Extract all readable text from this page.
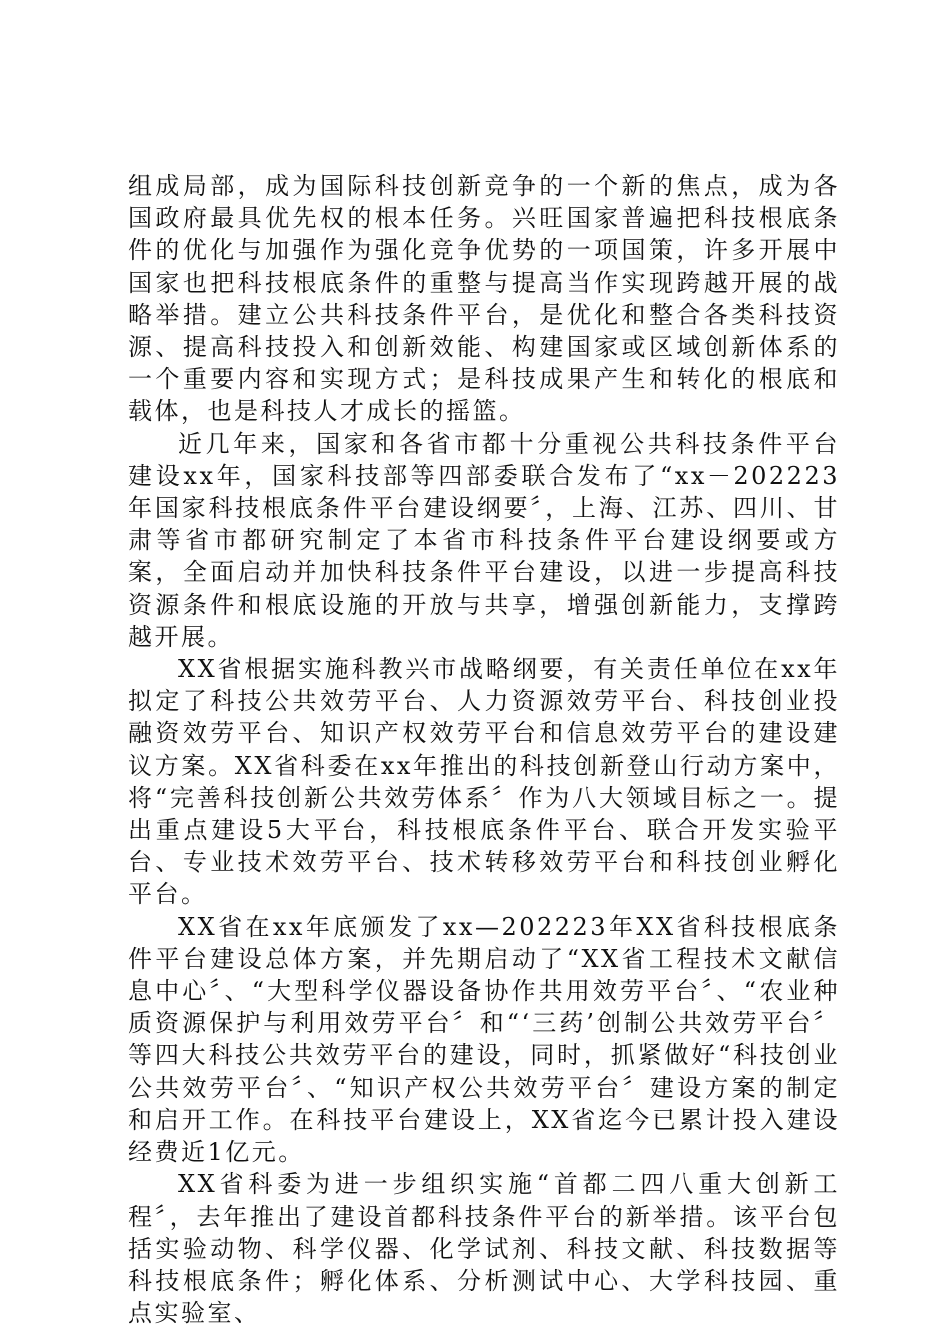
组成局部，成为国际科技创新竞争的一个新的焦点，成为各国政府最具优先权的根本任务。兴旺国家普遍把科技根底条件的优化与加强作为强化竞争优势的一项国策，许多开展中国家也把科技根底条件的重整与提高当作实现跨越开展的战略举措。建立公共科技条件平台，是优化和整合各类科技资源、提高科技投入和创新效能、构建国家或区域创新体系的一个重要内容和实现方式；是科技成果产生和转化的根底和载体，也是科技人才成长的摇篮。

近几年来，国家和各省市都十分重视公共科技条件平台建设xx年，国家科技部等四部委联合发布了“xx－202223年国家科技根底条件平台建设纲要〞，上海、江苏、四川、甘肃等省市都研究制定了本省市科技条件平台建设纲要或方案，全面启动并加快科技条件平台建设，以进一步提高科技资源条件和根底设施的开放与共享，增强创新能力，支撑跨越开展。

XX省根据实施科教兴市战略纲要，有关责任单位在xx年拟定了科技公共效劳平台、人力资源效劳平台、科技创业投融资效劳平台、知识产权效劳平台和信息效劳平台的建设建议方案。XX省科委在xx年推出的科技创新登山行动方案中，将“完善科技创新公共效劳体系〞作为八大领域目标之一。提出重点建设5大平台，科技根底条件平台、联合开发实验平台、专业技术效劳平台、技术转移效劳平台和科技创业孵化平台。

XX省在xx年底颁发了xx—202223年XX省科技根底条件平台建设总体方案，并先期启动了“XX省工程技术文献信息中心〞、“大型科学仪器设备协作共用效劳平台〞、“农业种质资源保护与利用效劳平台〞和“‘三药’创制公共效劳平台〞等四大科技公共效劳平台的建设，同时，抓紧做好“科技创业公共效劳平台〞、“知识产权公共效劳平台〞建设方案的制定和启开工作。在科技平台建设上，XX省迄今已累计投入建设经费近1亿元。

XX省科委为进一步组织实施“首都二四八重大创新工程〞，去年推出了建设首都科技条件平台的新举措。该平台包括实验动物、科学仪器、化学试剂、科技文献、科技数据等科技根底条件；孵化体系、分析测试中心、大学科技园、重点实验室、
